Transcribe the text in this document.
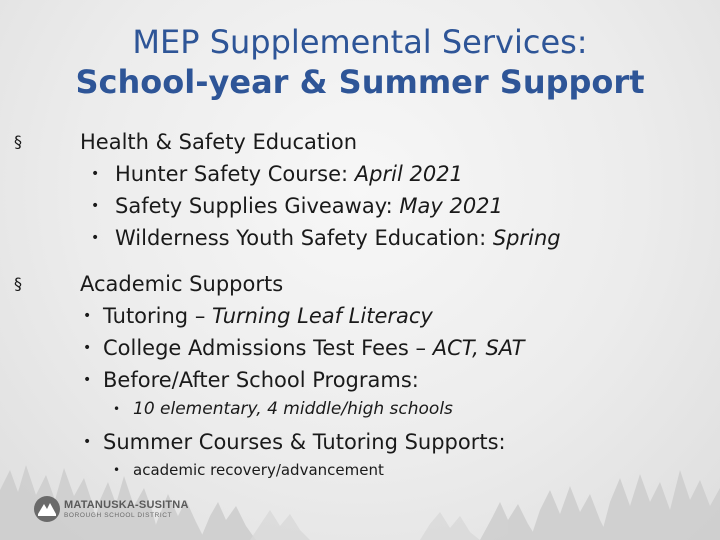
MEP Supplemental Services:
School-year & Summer Support
§	Health & Safety Education
• Hunter Safety Course: April 2021
• Safety Supplies Giveaway: May 2021
• Wilderness Youth Safety Education: Spring
§	Academic Supports
• Tutoring – Turning Leaf Literacy
• College Admissions Test Fees – ACT, SAT
• Before/After School Programs:
• 10 elementary, 4 middle/high schools
• Summer Courses & Tutoring Supports:
• academic recovery/advancement
MATANUSKA-SUSITNA
BOROUGH SCHOOL DISTRICT
